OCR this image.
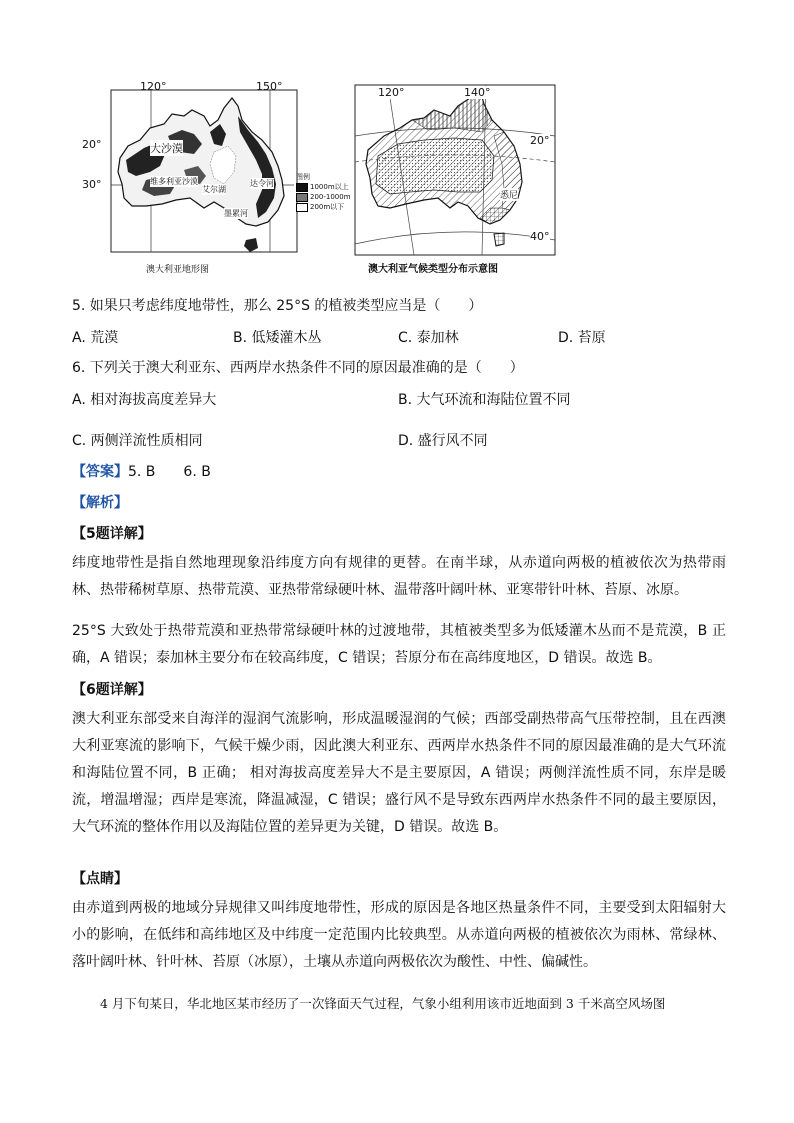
120°	150°
20°
30°
大沙漠
维多利亚沙漠
艾尔湖
达令河
墨累河
图例
1000m以上
200-1000m
200m以下
澳大利亚地形图
120°	140°
20°
40°
悉尼
澳大利亚气候类型分布示意图
5. 如果只考虑纬度地带性，那么 25°S 的植被类型应当是（　　）
A. 荒漠	B. 低矮灌木丛	C. 泰加林	D. 苔原
6. 下列关于澳大利亚东、西两岸水热条件不同的原因最准确的是（　　）
A. 相对海拔高度差异大	B. 大气环流和海陆位置不同
C. 两侧洋流性质相同	D. 盛行风不同
【答案】5. B　　6. B
【解析】
【5题详解】
纬度地带性是指自然地理现象沿纬度方向有规律的更替。在南半球，从赤道向两极的植被依次为热带雨林、热带稀树草原、热带荒漠、亚热带常绿硬叶林、温带落叶阔叶林、亚寒带针叶林、苔原、冰原。
25°S 大致处于热带荒漠和亚热带常绿硬叶林的过渡地带，其植被类型多为低矮灌木丛而不是荒漠，B 正确，A 错误；泰加林主要分布在较高纬度，C 错误；苔原分布在高纬度地区，D 错误。故选 B。
【6题详解】
澳大利亚东部受来自海洋的湿润气流影响，形成温暖湿润的气候；西部受副热带高气压带控制，且在西澳大利亚寒流的影响下，气候干燥少雨，因此澳大利亚东、西两岸水热条件不同的原因最准确的是大气环流和海陆位置不同，B 正确； 相对海拔高度差异大不是主要原因，A 错误；两侧洋流性质不同，东岸是暖流，增温增湿；西岸是寒流，降温减湿，C 错误；盛行风不是导致东西两岸水热条件不同的最主要原因，大气环流的整体作用以及海陆位置的差异更为关键，D 错误。故选 B。
【点睛】
由赤道到两极的地域分异规律又叫纬度地带性，形成的原因是各地区热量条件不同，主要受到太阳辐射大小的影响，在低纬和高纬地区及中纬度一定范围内比较典型。从赤道向两极的植被依次为雨林、常绿林、落叶阔叶林、针叶林、苔原（冰原），土壤从赤道向两极依次为酸性、中性、偏碱性。
4 月下旬某日，华北地区某市经历了一次锋面天气过程，气象小组利用该市近地面到 3 千米高空风场图
